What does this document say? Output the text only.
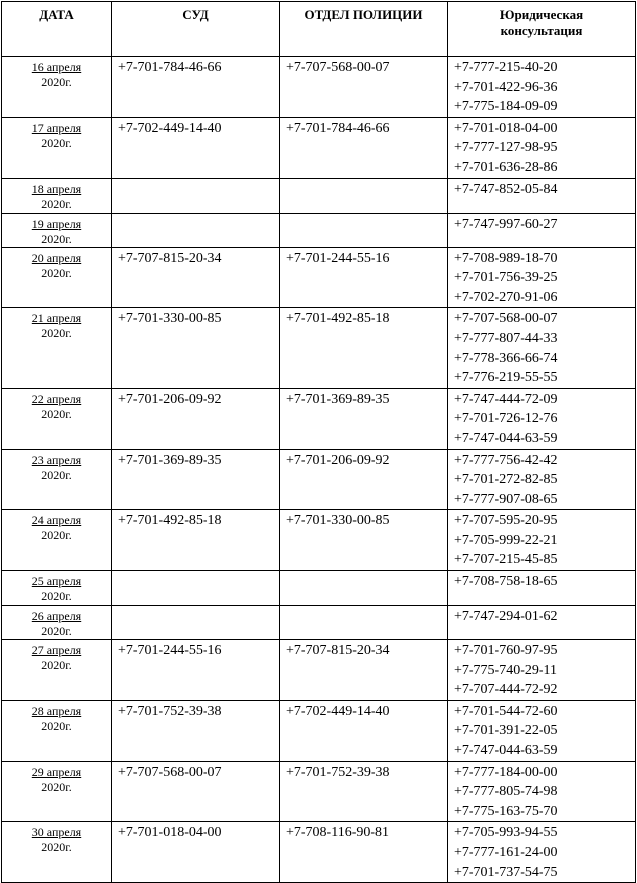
ДАТА	СУД	ОТДЕЛ ПОЛИЦИИ	Юридическая
консультация

16 апреля
2020г.	+7-701-784-46-66	+7-707-568-00-07	+7-777-215-40-20
+7-701-422-96-36
+7-775-184-09-09

17 апреля
2020г.	+7-702-449-14-40	+7-701-784-46-66	+7-701-018-04-00
+7-777-127-98-95
+7-701-636-28-86

18 апреля
2020г.			+7-747-852-05-84

19 апреля
2020г.			+7-747-997-60-27

20 апреля
2020г.	+7-707-815-20-34	+7-701-244-55-16	+7-708-989-18-70
+7-701-756-39-25
+7-702-270-91-06

21 апреля
2020г.	+7-701-330-00-85	+7-701-492-85-18	+7-707-568-00-07
+7-777-807-44-33
+7-778-366-66-74
+7-776-219-55-55

22 апреля
2020г.	+7-701-206-09-92	+7-701-369-89-35	+7-747-444-72-09
+7-701-726-12-76
+7-747-044-63-59

23 апреля
2020г.	+7-701-369-89-35	+7-701-206-09-92	+7-777-756-42-42
+7-701-272-82-85
+7-777-907-08-65

24 апреля
2020г.	+7-701-492-85-18	+7-701-330-00-85	+7-707-595-20-95
+7-705-999-22-21
+7-707-215-45-85

25 апреля
2020г.			+7-708-758-18-65

26 апреля
2020г.			+7-747-294-01-62

27 апреля
2020г.	+7-701-244-55-16	+7-707-815-20-34	+7-701-760-97-95
+7-775-740-29-11
+7-707-444-72-92

28 апреля
2020г.	+7-701-752-39-38	+7-702-449-14-40	+7-701-544-72-60
+7-701-391-22-05
+7-747-044-63-59

29 апреля
2020г.	+7-707-568-00-07	+7-701-752-39-38	+7-777-184-00-00
+7-777-805-74-98
+7-775-163-75-70

30 апреля
2020г.	+7-701-018-04-00	+7-708-116-90-81	+7-705-993-94-55
+7-777-161-24-00
+7-701-737-54-75
